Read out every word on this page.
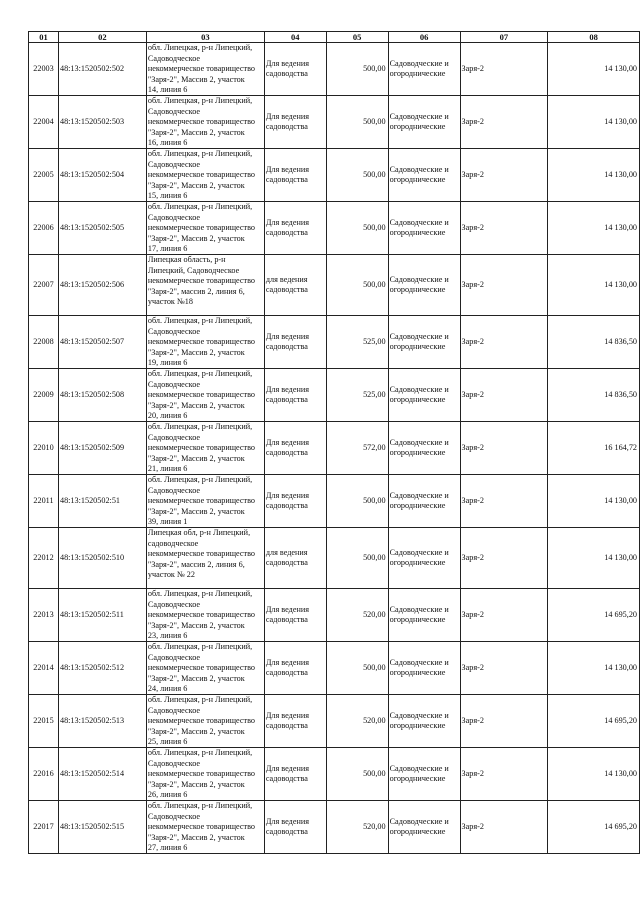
01	02	03	04	05	06	07	08
22003	48:13:1520502:502	обл. Липецкая, р-н Липецкий,
Садоводческое
некоммерческое товарищество
"Заря-2", Массив 2, участок
14, линия 6	Для ведения
садоводства	500,00	Садоводческие и
огороднические	Заря-2	14 130,00
22004	48:13:1520502:503	обл. Липецкая, р-н Липецкий,
Садоводческое
некоммерческое товарищество
"Заря-2", Массив 2, участок
16, линия 6	Для ведения
садоводства	500,00	Садоводческие и
огороднические	Заря-2	14 130,00
22005	48:13:1520502:504	обл. Липецкая, р-н Липецкий,
Садоводческое
некоммерческое товарищество
"Заря-2", Массив 2, участок
15, линия 6	Для ведения
садоводства	500,00	Садоводческие и
огороднические	Заря-2	14 130,00
22006	48:13:1520502:505	обл. Липецкая, р-н Липецкий,
Садоводческое
некоммерческое товарищество
"Заря-2", Массив 2, участок
17, линия 6	Для ведения
садоводства	500,00	Садоводческие и
огороднические	Заря-2	14 130,00
22007	48:13:1520502:506	Липецкая область, р-н
Липецкий, Садоводческое
некоммерческое товарищество
"Заря-2", массив 2, линия 6,
участок №18	для ведения
садоводства	500,00	Садоводческие и
огороднические	Заря-2	14 130,00
22008	48:13:1520502:507	обл. Липецкая, р-н Липецкий,
Садоводческое
некоммерческое товарищество
"Заря-2", Массив 2, участок
19, линия 6	Для ведения
садоводства	525,00	Садоводческие и
огороднические	Заря-2	14 836,50
22009	48:13:1520502:508	обл. Липецкая, р-н Липецкий,
Садоводческое
некоммерческое товарищество
"Заря-2", Массив 2, участок
20, линия 6	Для ведения
садоводства	525,00	Садоводческие и
огороднические	Заря-2	14 836,50
22010	48:13:1520502:509	обл. Липецкая, р-н Липецкий,
Садоводческое
некоммерческое товарищество
"Заря-2", Массив 2, участок
21, линия 6	Для ведения
садоводства	572,00	Садоводческие и
огороднические	Заря-2	16 164,72
22011	48:13:1520502:51	обл. Липецкая, р-н Липецкий,
Садоводческое
некоммерческое товарищество
"Заря-2", Массив 2, участок
39, линия 1	Для ведения
садоводства	500,00	Садоводческие и
огороднические	Заря-2	14 130,00
22012	48:13:1520502:510	Липецкая обл, р-н Липецкий,
садоводческое
некоммерческое товарищество
"Заря-2", массив 2, линия 6,
участок № 22	для ведения
садоводства	500,00	Садоводческие и
огороднические	Заря-2	14 130,00
22013	48:13:1520502:511	обл. Липецкая, р-н Липецкий,
Садоводческое
некоммерческое товарищество
"Заря-2", Массив 2, участок
23, линия 6	Для ведения
садоводства	520,00	Садоводческие и
огороднические	Заря-2	14 695,20
22014	48:13:1520502:512	обл. Липецкая, р-н Липецкий,
Садоводческое
некоммерческое товарищество
"Заря-2", Массив 2, участок
24, линия 6	Для ведения
садоводства	500,00	Садоводческие и
огороднические	Заря-2	14 130,00
22015	48:13:1520502:513	обл. Липецкая, р-н Липецкий,
Садоводческое
некоммерческое товарищество
"Заря-2", Массив 2, участок
25, линия 6	Для ведения
садоводства	520,00	Садоводческие и
огороднические	Заря-2	14 695,20
22016	48:13:1520502:514	обл. Липецкая, р-н Липецкий,
Садоводческое
некоммерческое товарищество
"Заря-2", Массив 2, участок
26, линия 6	Для ведения
садоводства	500,00	Садоводческие и
огороднические	Заря-2	14 130,00
22017	48:13:1520502:515	обл. Липецкая, р-н Липецкий,
Садоводческое
некоммерческое товарищество
"Заря-2", Массив 2, участок
27, линия 6	Для ведения
садоводства	520,00	Садоводческие и
огороднические	Заря-2	14 695,20
